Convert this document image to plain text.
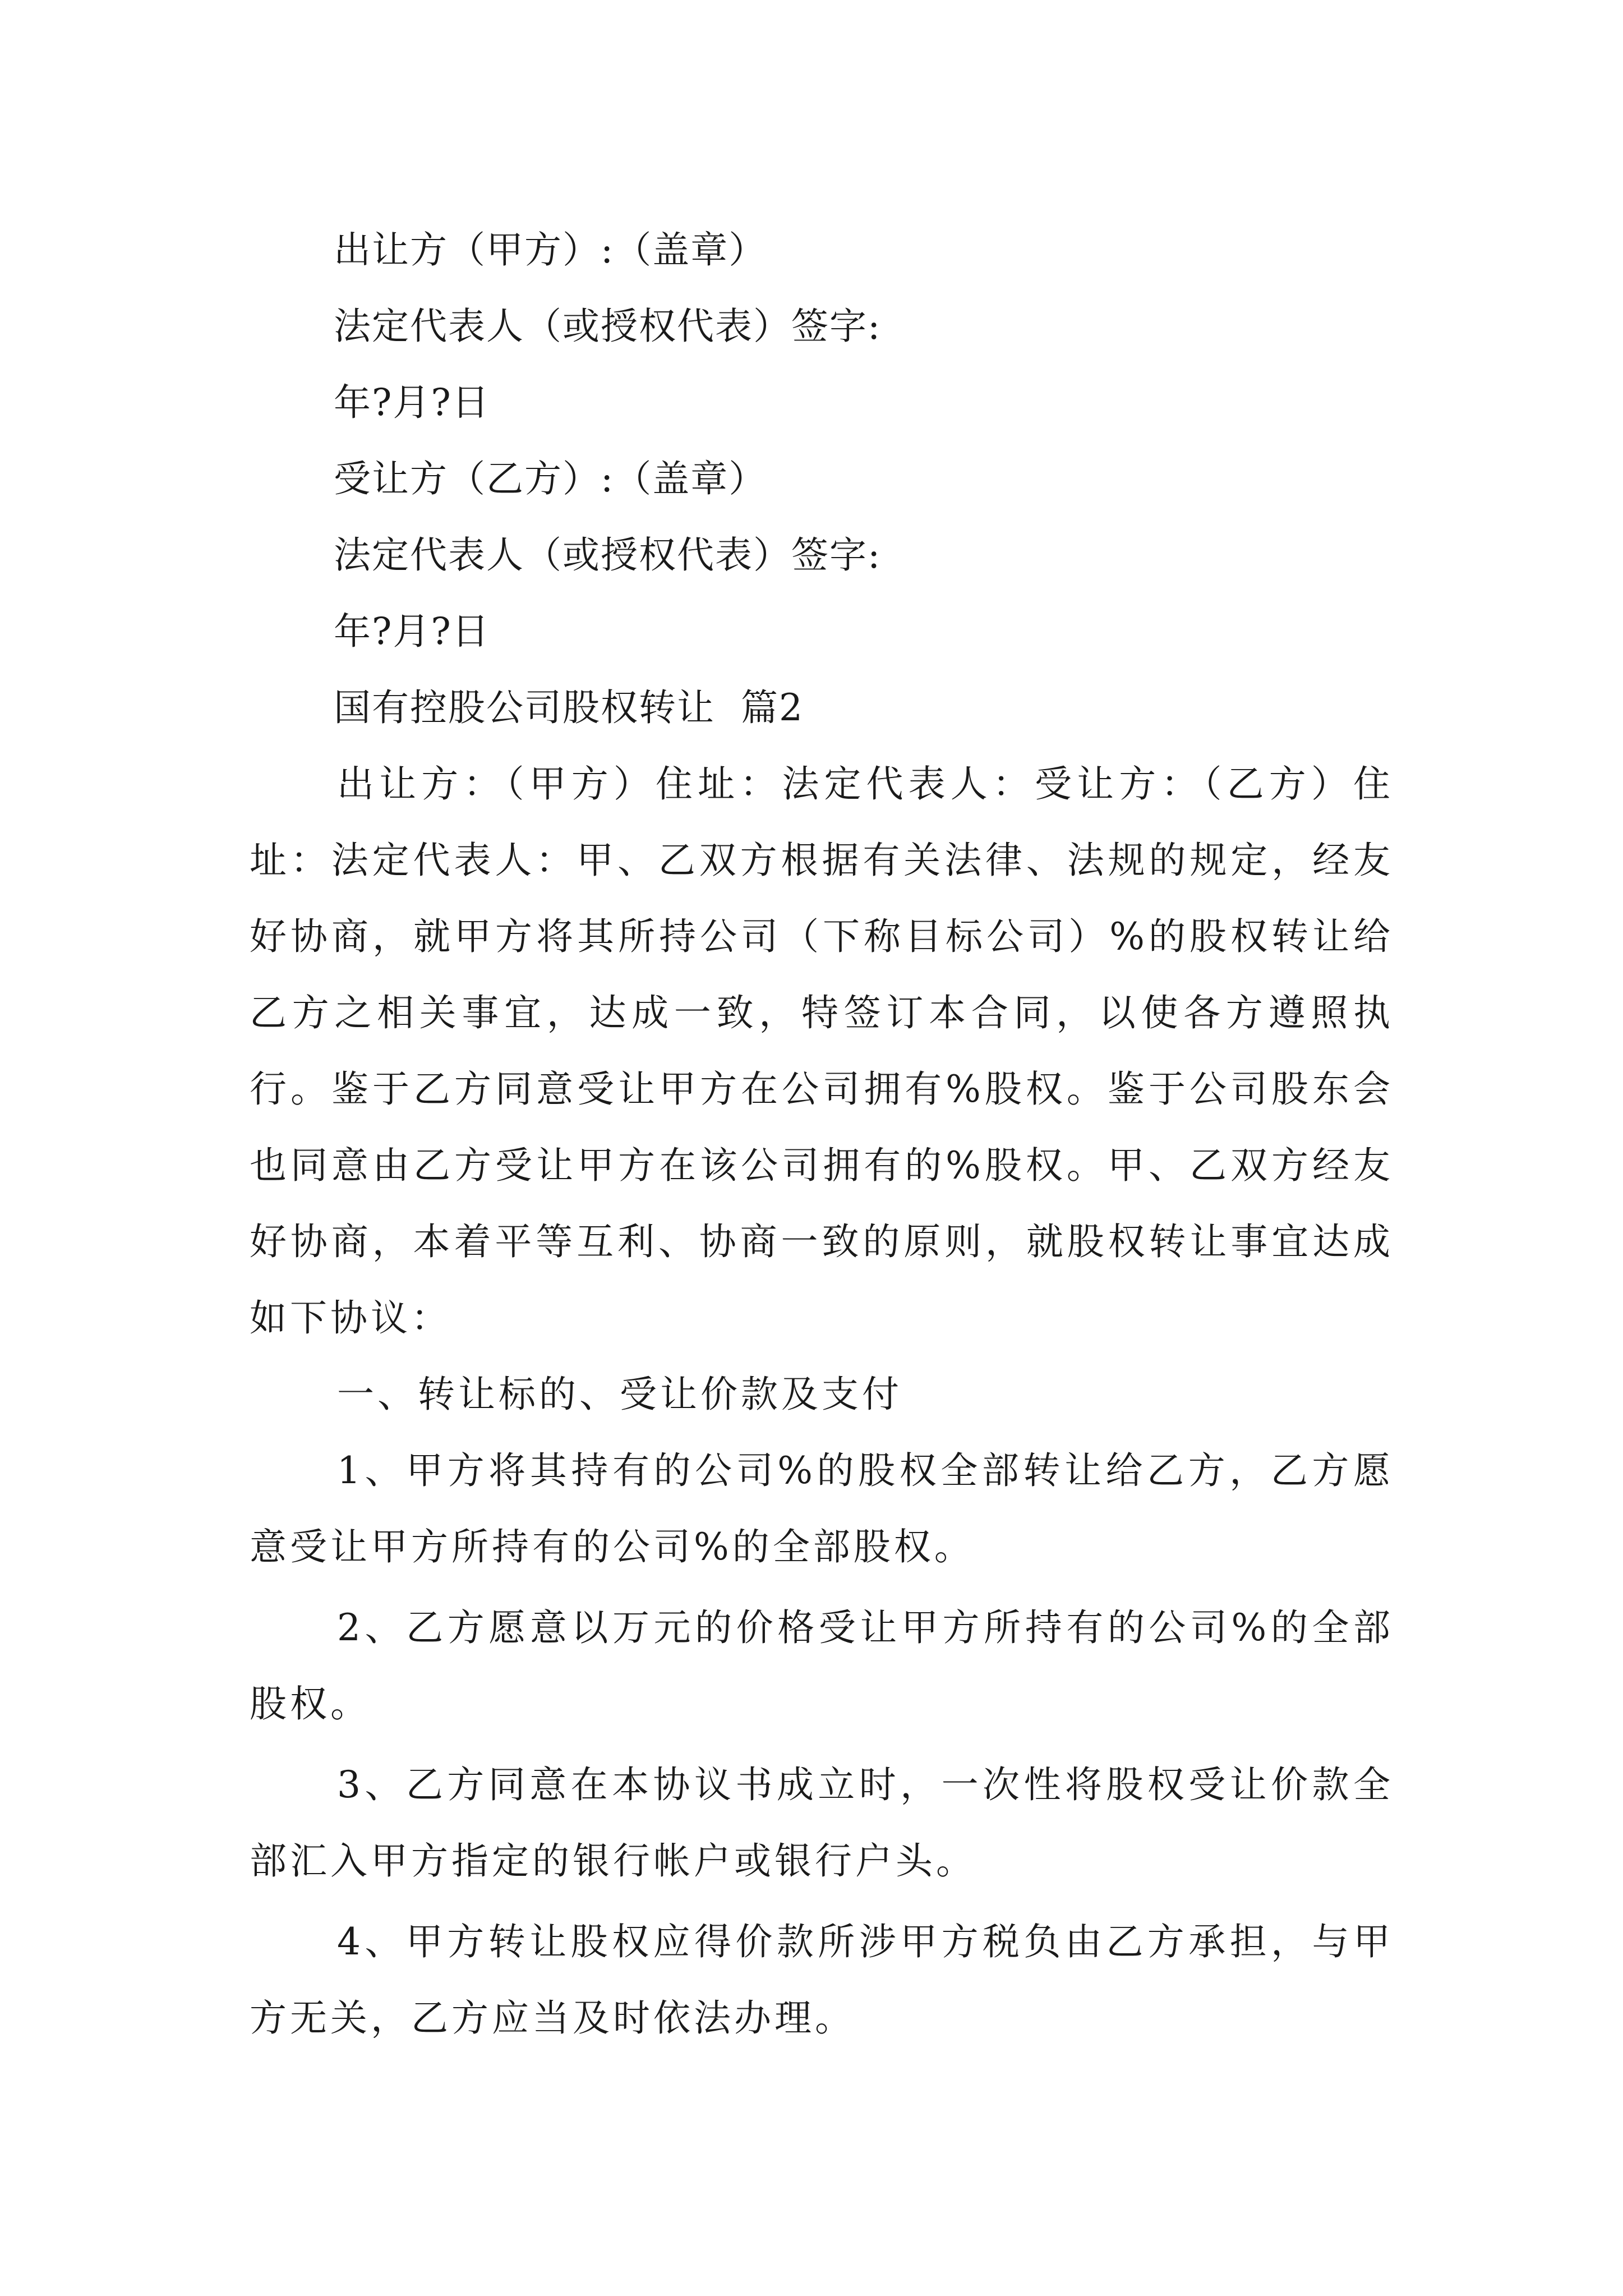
出让方（甲方）:（盖章）
法定代表人（或授权代表）签字:
年?月?日
受让方（乙方）:（盖章）
法定代表人（或授权代表）签字:
年?月?日
国有控股公司股权转让  篇2

出让方：（甲方）住址：法定代表人：受让方：（乙方）住址：法定代表人：甲、乙双方根据有关法律、法规的规定，经友好协商，就甲方将其所持公司（下称目标公司）%的股权转让给乙方之相关事宜，达成一致，特签订本合同，以使各方遵照执行。鉴于乙方同意受让甲方在公司拥有%股权。鉴于公司股东会也同意由乙方受让甲方在该公司拥有的%股权。甲、乙双方经友好协商，本着平等互利、协商一致的原则，就股权转让事宜达成如下协议：

一、转让标的、受让价款及支付

1、甲方将其持有的公司%的股权全部转让给乙方，乙方愿意受让甲方所持有的公司%的全部股权。

2、乙方愿意以万元的价格受让甲方所持有的公司%的全部股权。

3、乙方同意在本协议书成立时，一次性将股权受让价款全部汇入甲方指定的银行帐户或银行户头。

4、甲方转让股权应得价款所涉甲方税负由乙方承担，与甲方无关，乙方应当及时依法办理。
